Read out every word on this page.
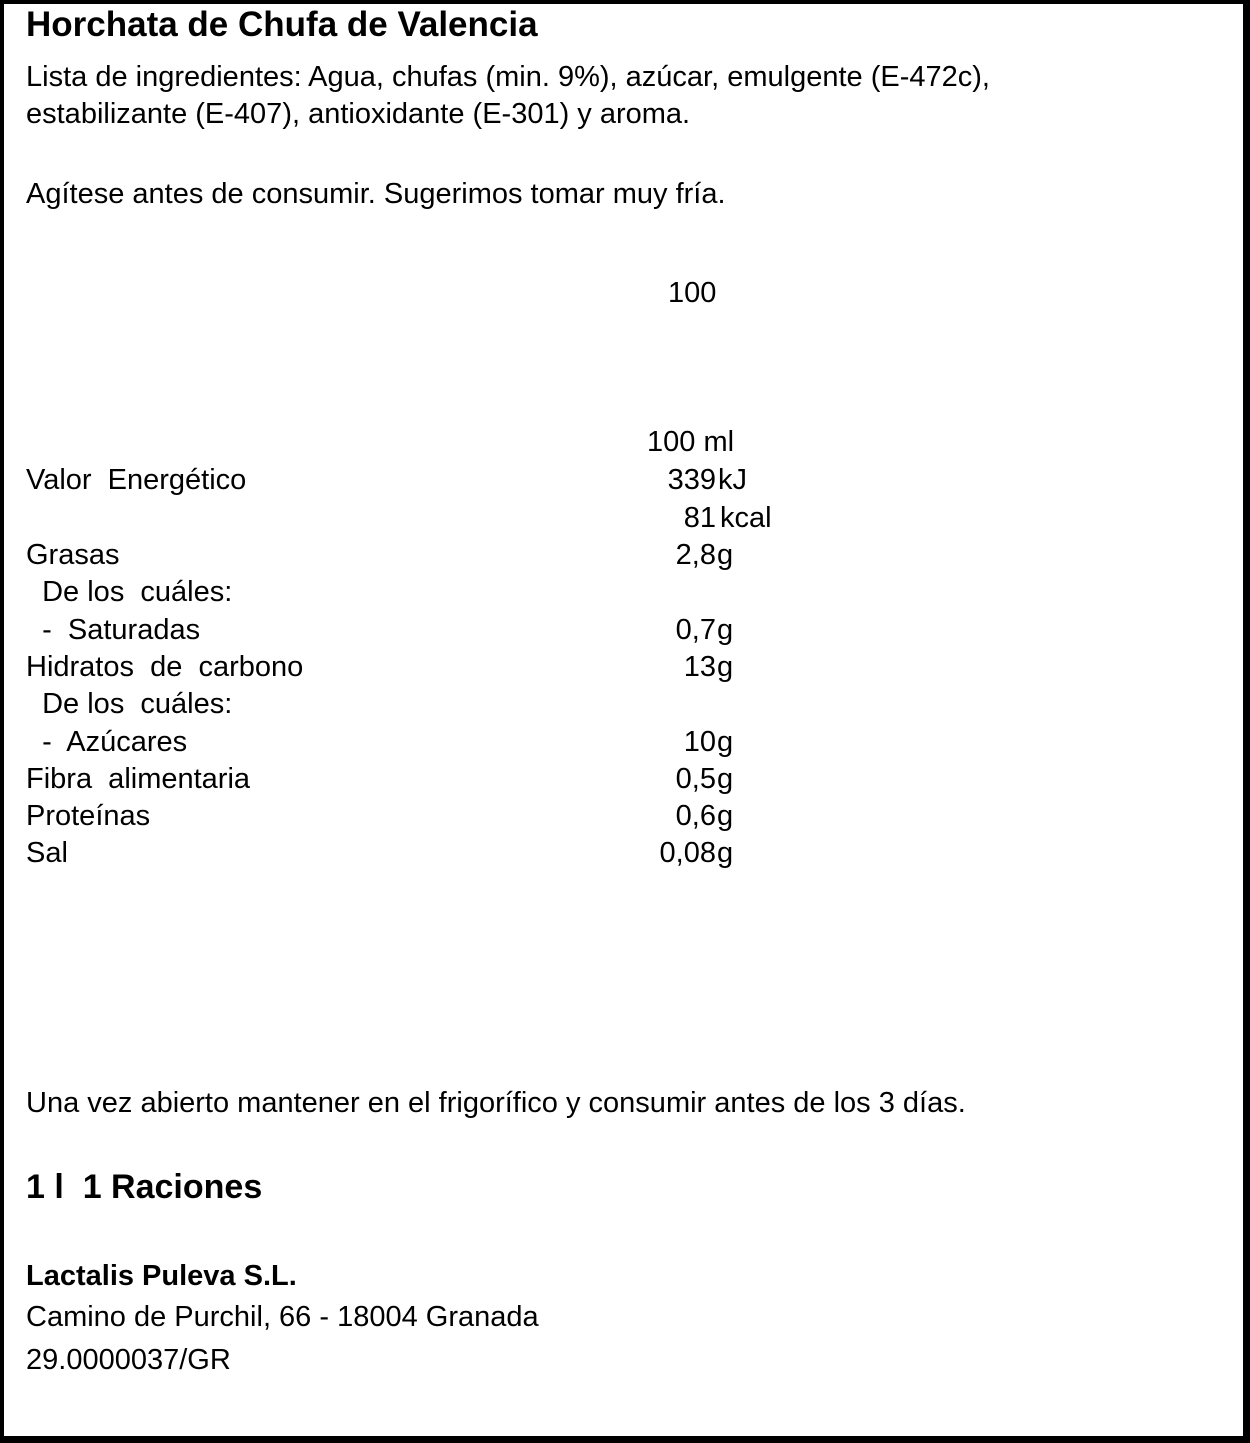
Horchata de Chufa de Valencia
Lista de ingredientes: Agua, chufas (min. 9%), azúcar, emulgente (E-472c),
estabilizante (E-407), antioxidante (E-301) y aroma.
Agítese antes de consumir. Sugerimos tomar muy fría.
100
100 ml
Valor  Energético	339 kJ
81 kcal
Grasas	2,8 g
De los  cuáles:
-  Saturadas	0,7 g
Hidratos  de  carbono	13 g
De los  cuáles:
-  Azúcares	10 g
Fibra  alimentaria	0,5 g
Proteínas	0,6 g
Sal	0,08 g
Una vez abierto mantener en el frigorífico y consumir antes de los 3 días.
1 l  1 Raciones
Lactalis Puleva S.L.
Camino de Purchil, 66 - 18004 Granada
29.0000037/GR
